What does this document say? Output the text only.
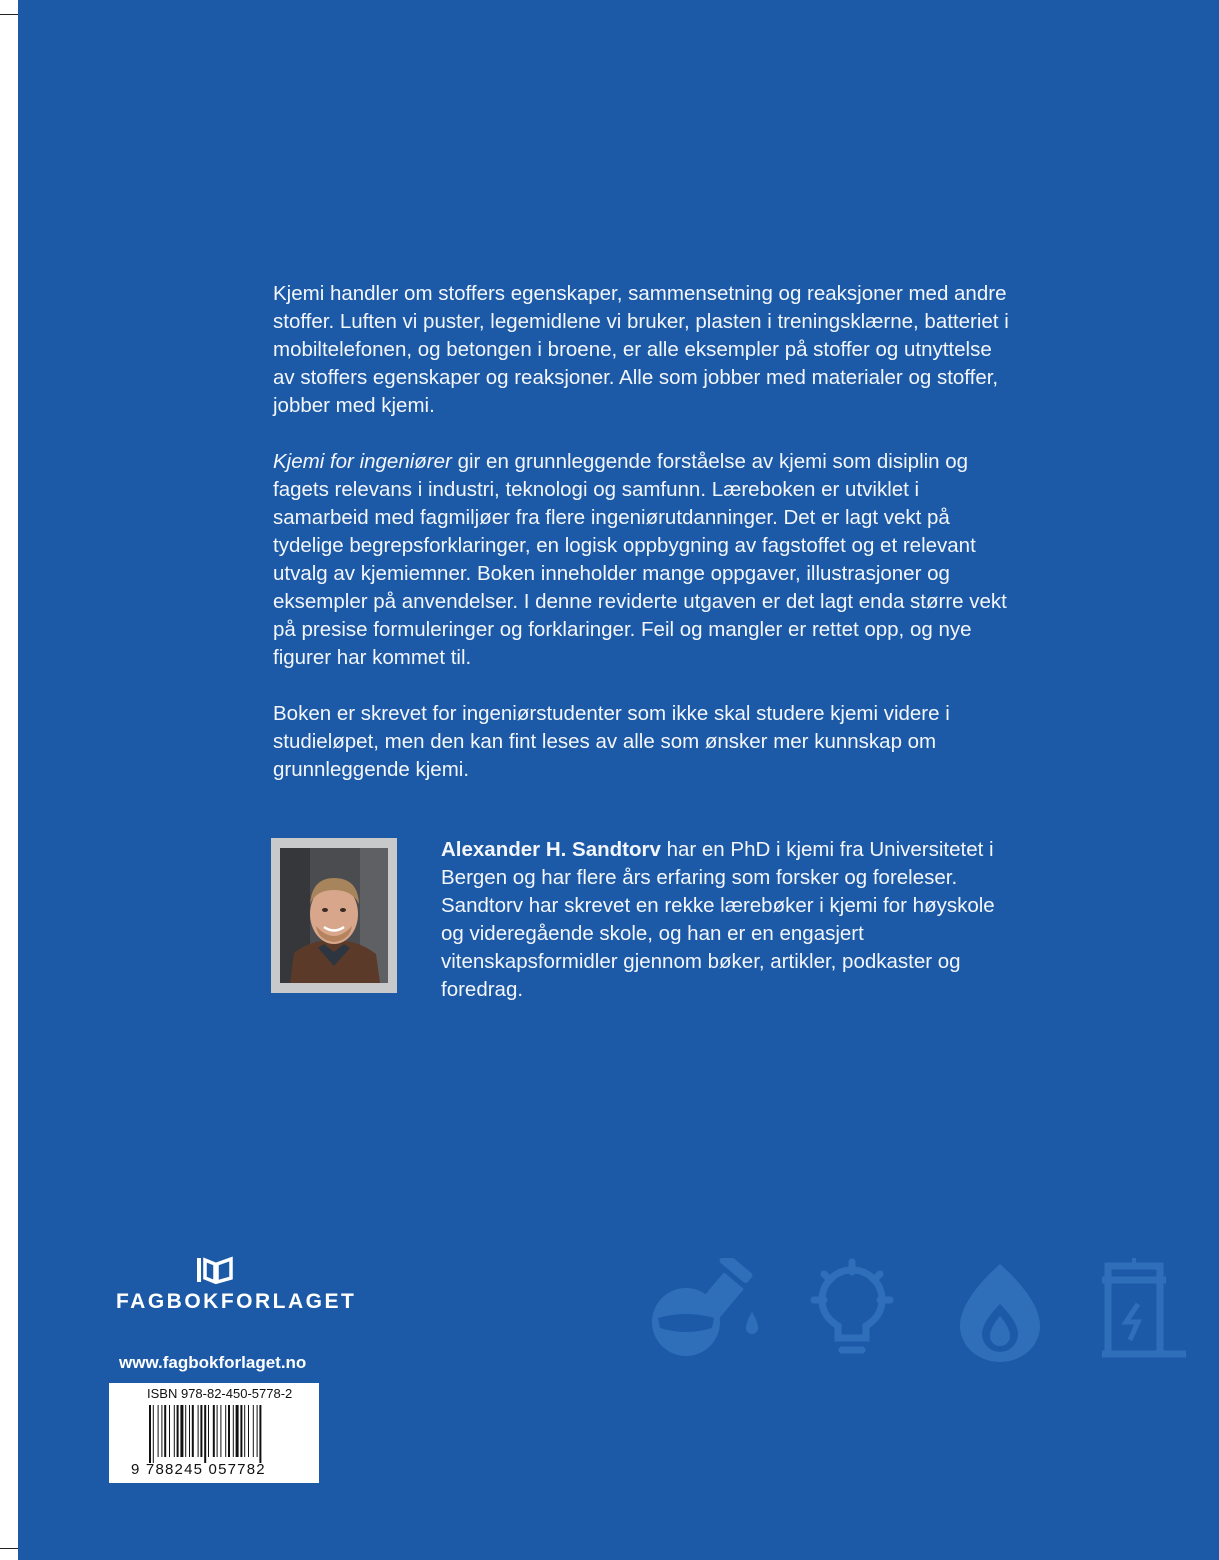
Kjemi handler om stoffers egenskaper, sammensetning og reaksjoner med andre stoffer. Luften vi puster, legemidlene vi bruker, plasten i treningsklærne, batteriet i mobiltelefonen, og betongen i broene, er alle eksempler på stoffer og utnyttelse av stoffers egenskaper og reaksjoner. Alle som jobber med materialer og stoffer, jobber med kjemi.

Kjemi for ingeniører gir en grunnleggende forståelse av kjemi som disiplin og fagets relevans i industri, teknologi og samfunn. Læreboken er utviklet i samarbeid med fagmiljøer fra flere ingeniørutdanninger. Det er lagt vekt på tydelige begrepsforklaringer, en logisk oppbygning av fagstoffet og et relevant utvalg av kjemiemner. Boken inneholder mange oppgaver, illustrasjoner og eksempler på anvendelser. I denne reviderte utgaven er det lagt enda større vekt på presise formuleringer og forklaringer. Feil og mangler er rettet opp, og nye figurer har kommet til.

Boken er skrevet for ingeniørstudenter som ikke skal studere kjemi videre i studieløpet, men den kan fint leses av alle som ønsker mer kunnskap om grunnleggende kjemi.

Alexander H. Sandtorv har en PhD i kjemi fra Universitetet i Bergen og har flere års erfaring som forsker og foreleser. Sandtorv har skrevet en rekke lærebøker i kjemi for høyskole og videregående skole, og han er en engasjert vitenskapsformidler gjennom bøker, artikler, podkaster og foredrag.
FAGBOKFORLAGET
www.fagbokforlaget.no
ISBN 978-82-450-5778-2
9 788245 057782
